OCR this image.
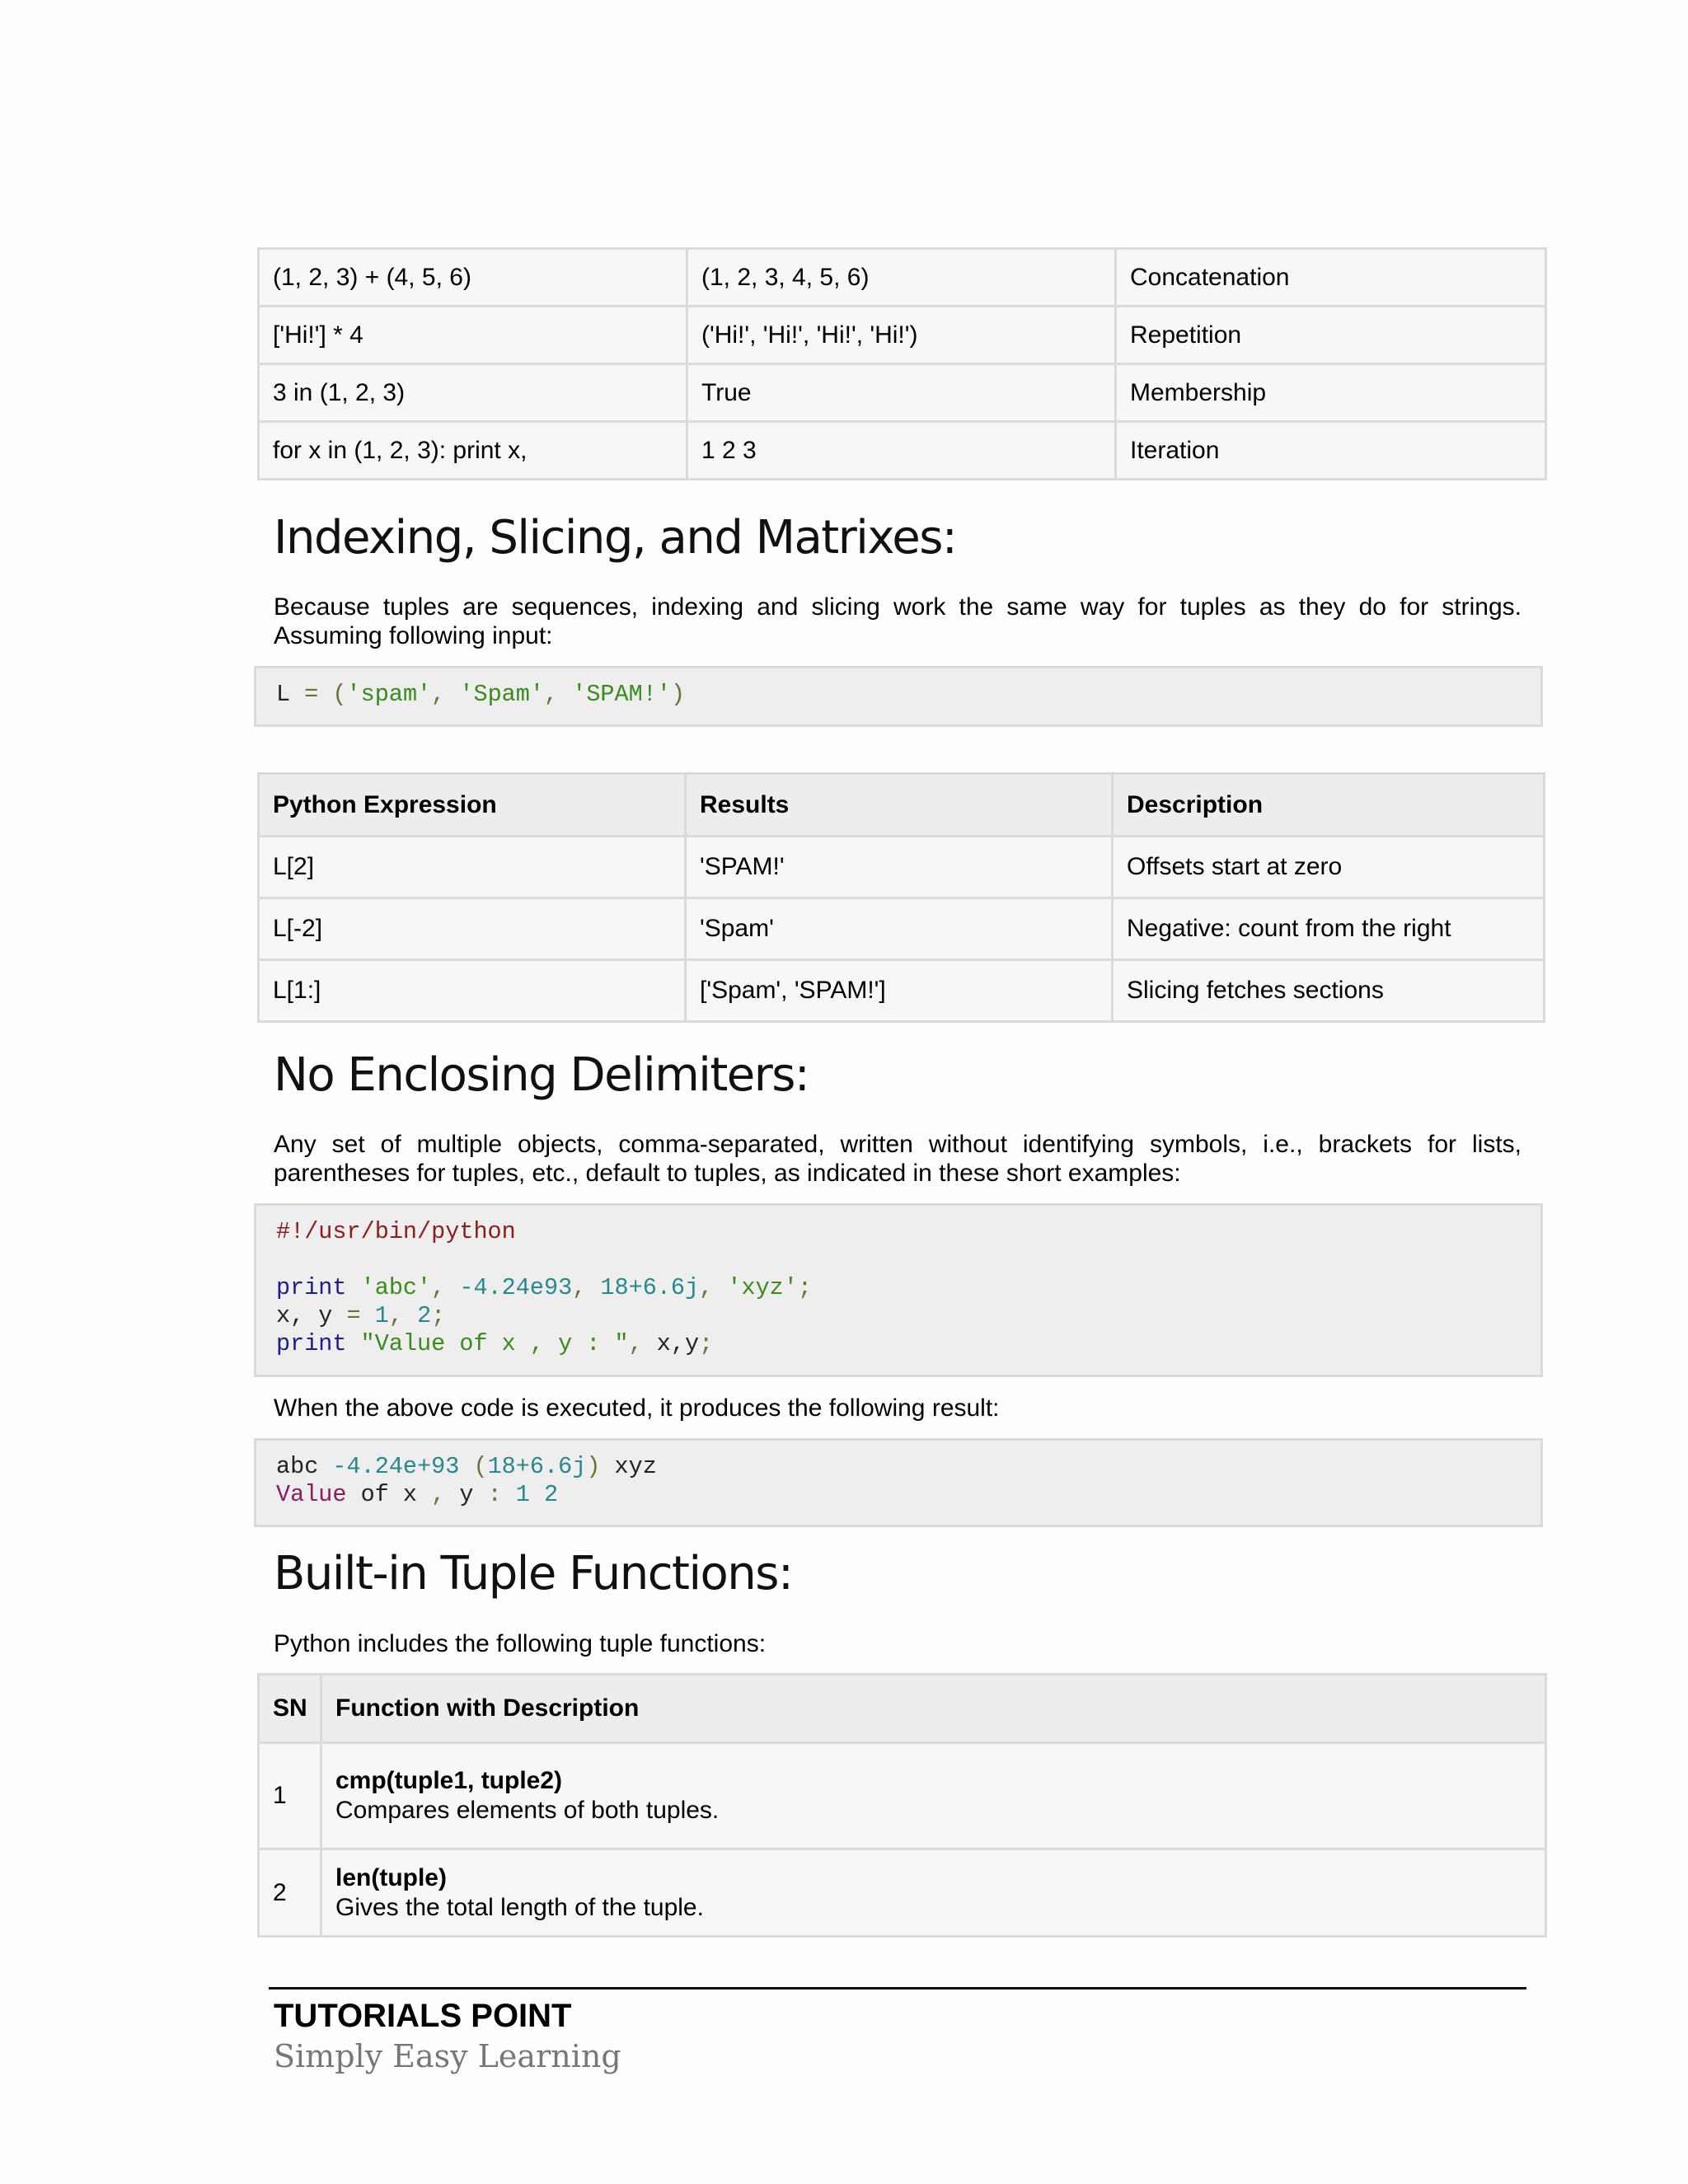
(1, 2, 3) + (4, 5, 6)	(1, 2, 3, 4, 5, 6)	Concatenation
['Hi!'] * 4	('Hi!', 'Hi!', 'Hi!', 'Hi!')	Repetition
3 in (1, 2, 3)	True	Membership
for x in (1, 2, 3): print x,	1 2 3	Iteration
Indexing, Slicing, and Matrixes:

Because tuples are sequences, indexing and slicing work the same way for tuples as they do for strings. Assuming following input:

L = ('spam', 'Spam', 'SPAM!')
Python Expression	Results	Description
L[2]	'SPAM!'	Offsets start at zero
L[-2]	'Spam'	Negative: count from the right
L[1:]	['Spam', 'SPAM!']	Slicing fetches sections
No Enclosing Delimiters:

Any set of multiple objects, comma-separated, written without identifying symbols, i.e., brackets for lists, parentheses for tuples, etc., default to tuples, as indicated in these short examples:

#!/usr/bin/python

print 'abc', -4.24e93, 18+6.6j, 'xyz';
x, y = 1, 2;
print "Value of x , y : ", x,y;

When the above code is executed, it produces the following result:

abc -4.24e+93 (18+6.6j) xyz
Value of x , y : 1 2
Built-in Tuple Functions:

Python includes the following tuple functions:

SN	Function with Description
1	cmp(tuple1, tuple2)
Compares elements of both tuples.

2	len(tuple)
Gives the total length of the tuple.

TUTORIALS POINT

Simply Easy Learning
